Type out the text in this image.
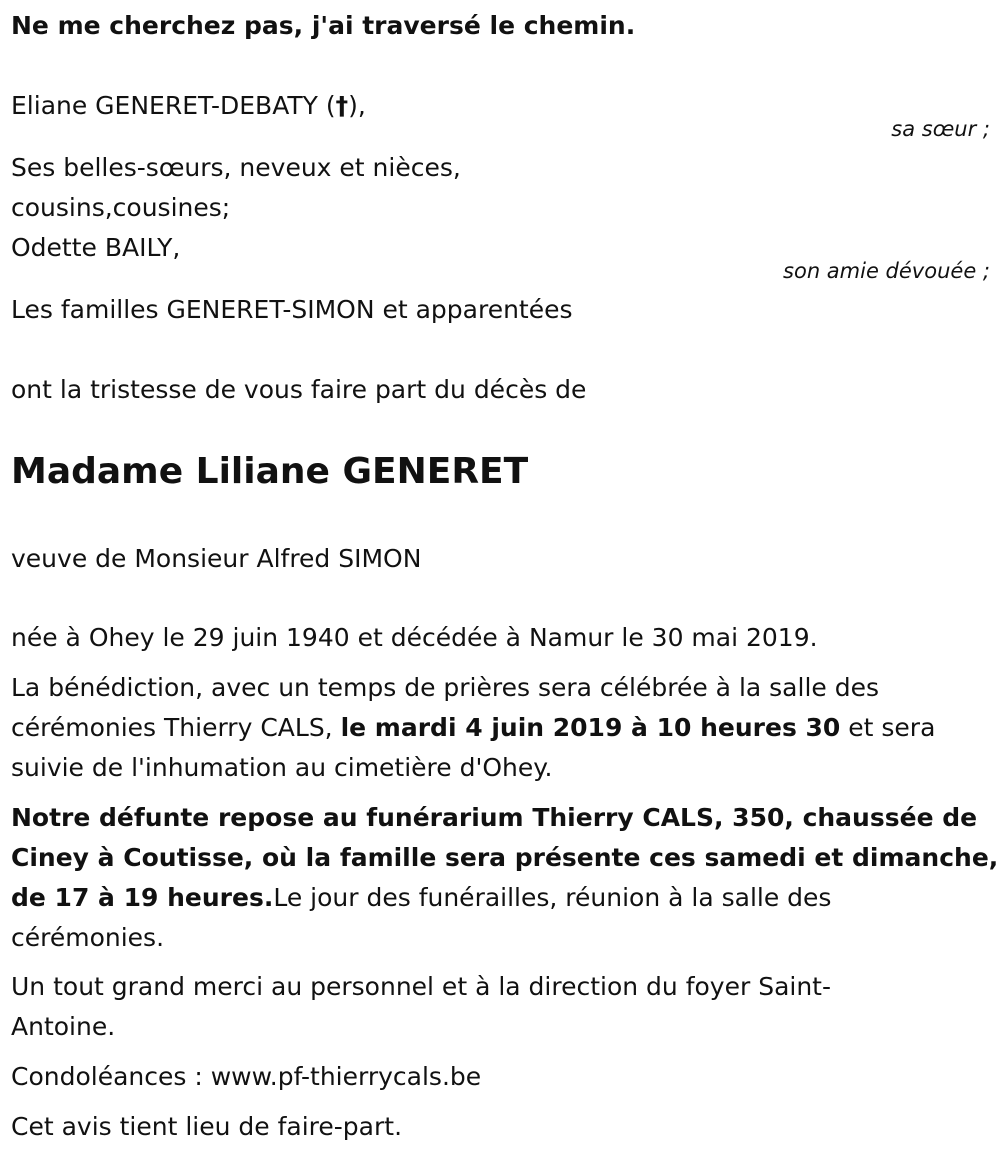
Ne me cherchez pas, j'ai traversé le chemin.
Eliane GENERET-DEBATY (†),
sa sœur ;
Ses belles-sœurs, neveux et nièces,
cousins,cousines;
Odette BAILY,
son amie dévouée ;
Les familles GENERET-SIMON et apparentées
ont la tristesse de vous faire part du décès de
Madame Liliane GENERET
veuve de Monsieur Alfred SIMON
née à Ohey le 29 juin 1940 et décédée à Namur le 30 mai 2019.
La bénédiction, avec un temps de prières sera célébrée à la salle des
cérémonies Thierry CALS, le mardi 4 juin 2019 à 10 heures 30 et sera
suivie de l'inhumation au cimetière d'Ohey.
Notre défunte repose au funérarium Thierry CALS, 350, chaussée de
Ciney à Coutisse, où la famille sera présente ces samedi et dimanche,
de 17 à 19 heures.Le jour des funérailles, réunion à la salle des
cérémonies.
Un tout grand merci au personnel et à la direction du foyer Saint-
Antoine.
Condoléances : www.pf-thierrycals.be
Cet avis tient lieu de faire-part.
